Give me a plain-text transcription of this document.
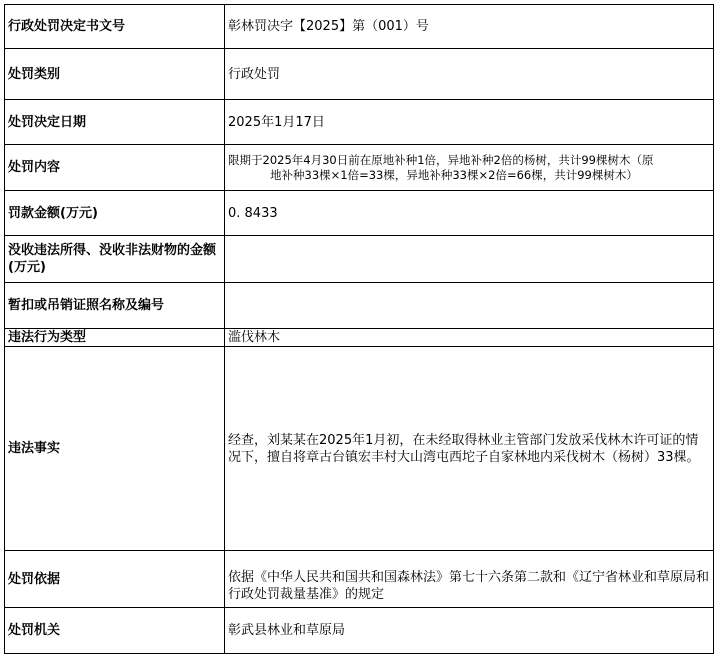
行政处罚决定书文号	彰林罚决字【2025】第（001）号
处罚类别	行政处罚
处罚决定日期	2025年1月17日
处罚内容	限期于2025年4月30日前在原地补种1倍，异地补种2倍的杨树，共计99棵树木（原
地补种33棵×1倍=33棵，异地补种33棵×2倍=66棵，共计99棵树木）

罚款金额(万元)	0. 8433
没收违法所得、没收非法财物的金额(万元)	
暂扣或吊销证照名称及编号	
违法行为类型	滥伐林木
违法事实	经查，刘某某在2025年1月初，在未经取得林业主管部门发放采伐林木许可证的情况下，擅自将章古台镇宏丰村大山湾屯西坨子自家林地内采伐树木（杨树）33棵。
处罚依据	依据《中华人民共和国共和国森林法》第七十六条第二款和《辽宁省林业和草原局和行政处罚裁量基准》的规定
处罚机关	彰武县林业和草原局
